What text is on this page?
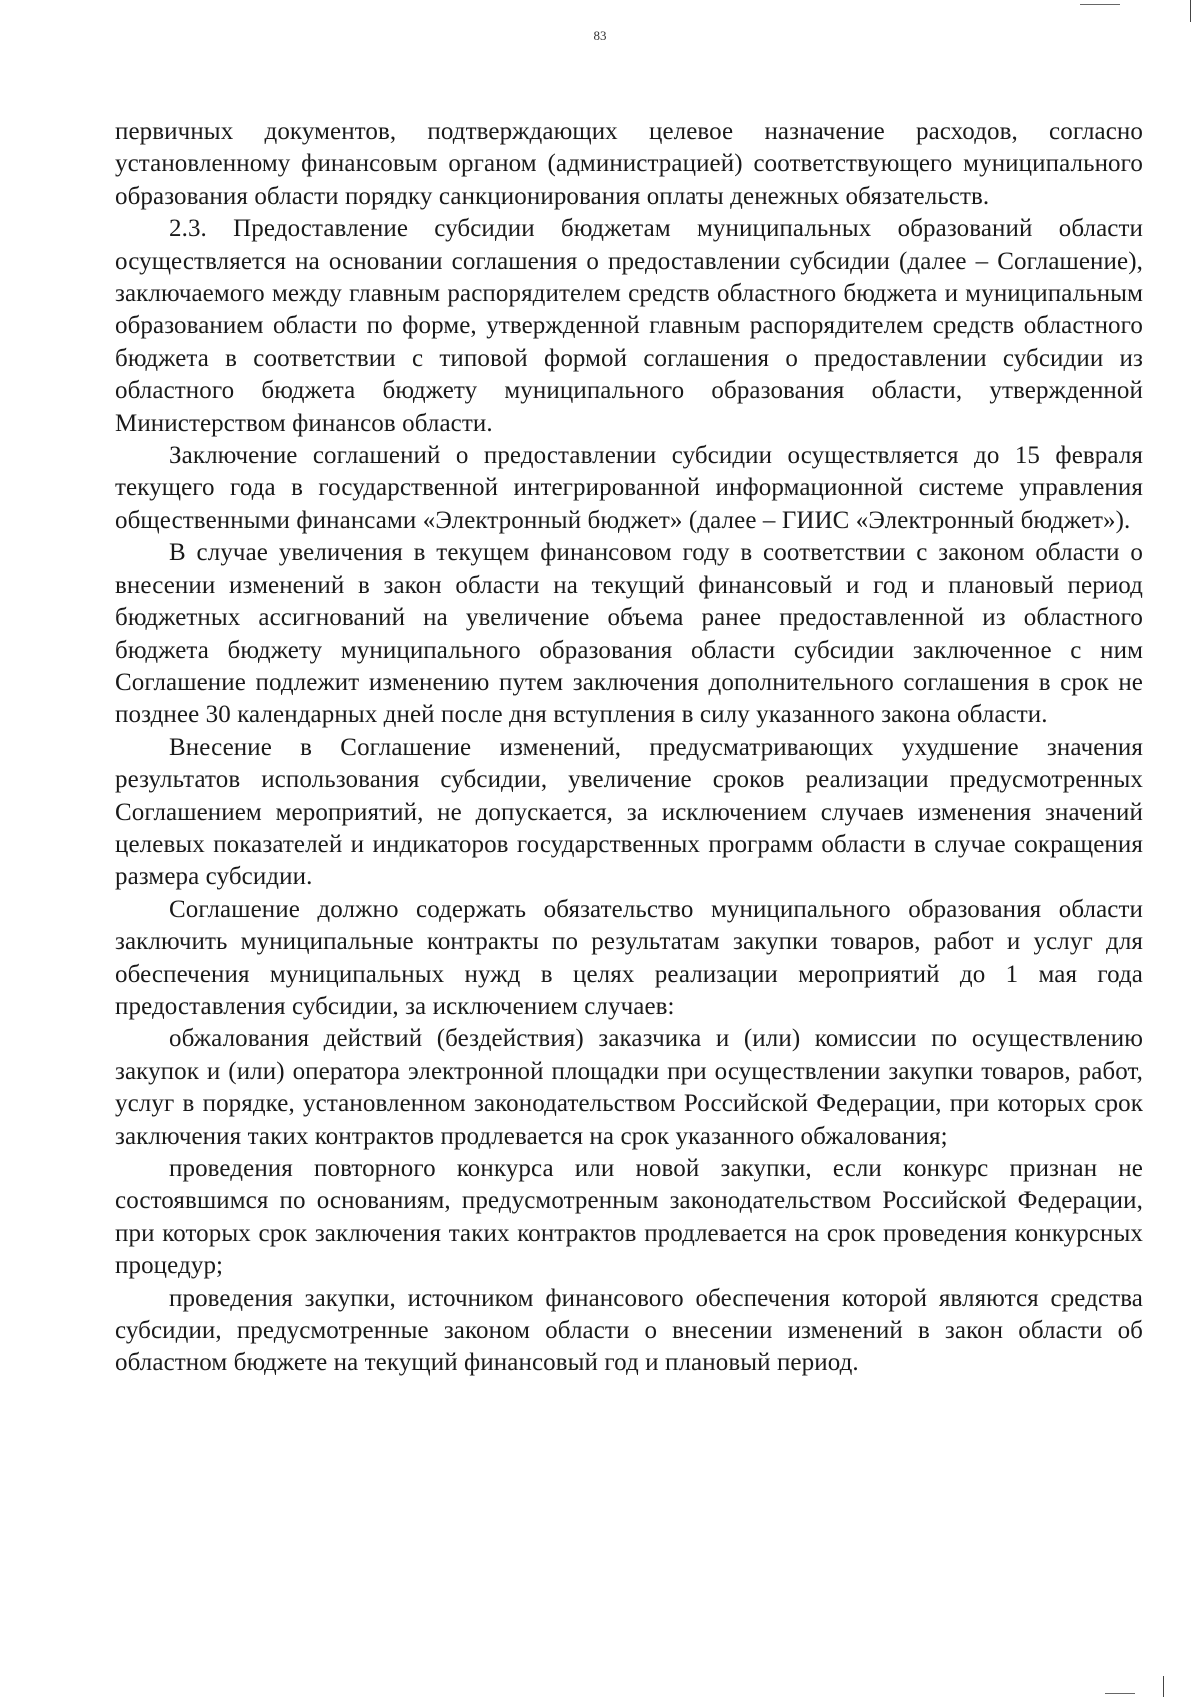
83

первичных документов, подтверждающих целевое назначение расходов, согласно установленному финансовым органом (администрацией) соответствующего муниципального образования области порядку санкционирования оплаты денежных обязательств.

2.3. Предоставление субсидии бюджетам муниципальных образований области осуществляется на основании соглашения о предоставлении субсидии (далее – Соглашение), заключаемого между главным распорядителем средств областного бюджета и муниципальным образованием области по форме, утвержденной главным распорядителем средств областного бюджета в соответствии с типовой формой соглашения о предоставлении субсидии из областного бюджета бюджету муниципального образования области, утвержденной Министерством финансов области.

Заключение соглашений о предоставлении субсидии осуществляется до 15 февраля текущего года в государственной интегрированной информационной системе управления общественными финансами «Электронный бюджет» (далее – ГИИС «Электронный бюджет»).

В случае увеличения в текущем финансовом году в соответствии с законом области о внесении изменений в закон области на текущий финансовый и год и плановый период бюджетных ассигнований на увеличение объема ранее предоставленной из областного бюджета бюджету муниципального образования области субсидии заключенное с ним Соглашение подлежит изменению путем заключения дополнительного соглашения в срок не позднее 30 календарных дней после дня вступления в силу указанного закона области.

Внесение в Соглашение изменений, предусматривающих ухудшение значения результатов использования субсидии, увеличение сроков реализации предусмотренных Соглашением мероприятий, не допускается, за исключением случаев изменения значений целевых показателей и индикаторов государственных программ области в случае сокращения размера субсидии.

Соглашение должно содержать обязательство муниципального образования области заключить муниципальные контракты по результатам закупки товаров, работ и услуг для обеспечения муниципальных нужд в целях реализации мероприятий до 1 мая года предоставления субсидии, за исключением случаев:

обжалования действий (бездействия) заказчика и (или) комиссии по осуществлению закупок и (или) оператора электронной площадки при осуществлении закупки товаров, работ, услуг в порядке, установленном законодательством Российской Федерации, при которых срок заключения таких контрактов продлевается на срок указанного обжалования;

проведения повторного конкурса или новой закупки, если конкурс признан не состоявшимся по основаниям, предусмотренным законодательством Российской Федерации, при которых срок заключения таких контрактов продлевается на срок проведения конкурсных процедур;

проведения закупки, источником финансового обеспечения которой являются средства субсидии, предусмотренные законом области о внесении изменений в закон области об областном бюджете на текущий финансовый год и плановый период.
